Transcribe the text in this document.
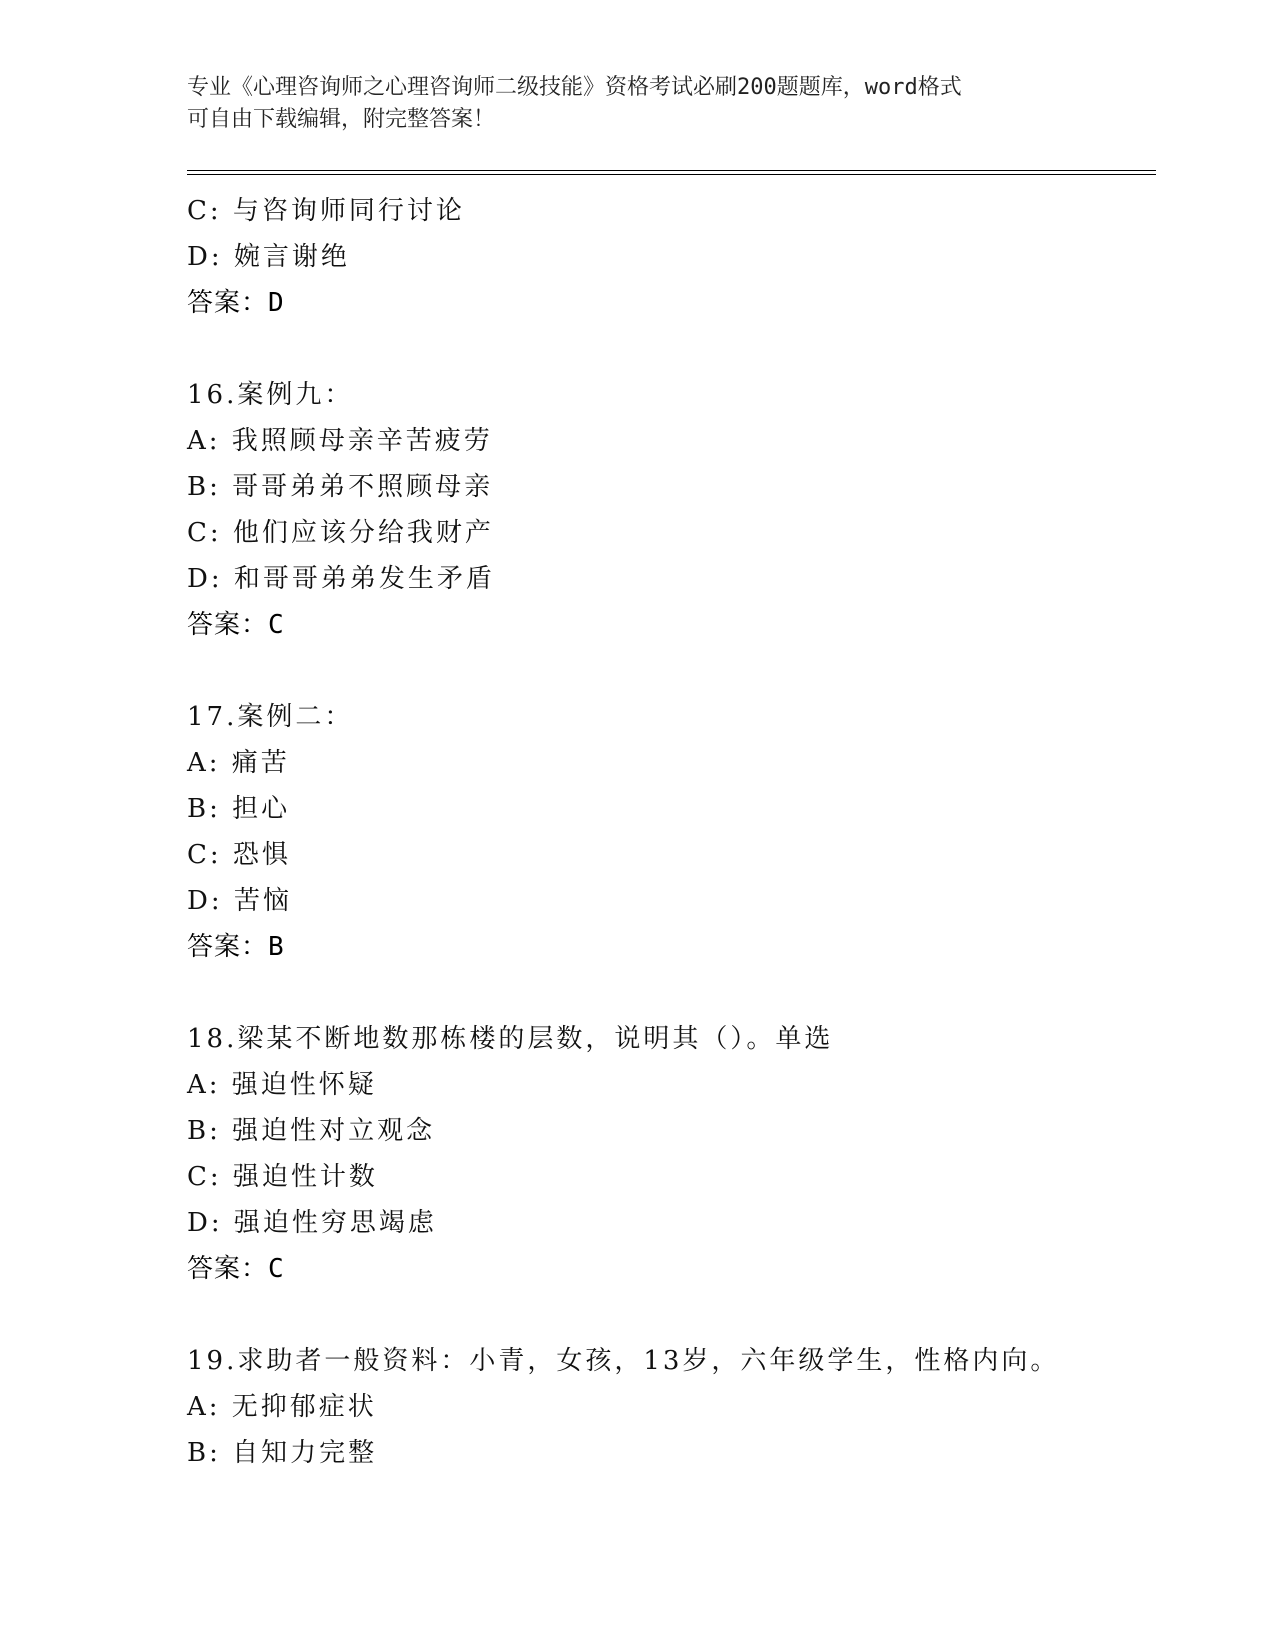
专业《心理咨询师之心理咨询师二级技能》资格考试必刷200题题库，word格式
可自由下载编辑，附完整答案！
C: 与咨询师同行讨论
D: 婉言谢绝
答案：D
16.案例九：
A: 我照顾母亲辛苦疲劳
B: 哥哥弟弟不照顾母亲
C: 他们应该分给我财产
D: 和哥哥弟弟发生矛盾
答案：C
17.案例二：
A: 痛苦
B: 担心
C: 恐惧
D: 苦恼
答案：B
18.梁某不断地数那栋楼的层数，说明其（）。单选
A: 强迫性怀疑
B: 强迫性对立观念
C: 强迫性计数
D: 强迫性穷思竭虑
答案：C
19.求助者一般资料：小青，女孩，13岁，六年级学生，性格内向。
A: 无抑郁症状
B: 自知力完整
